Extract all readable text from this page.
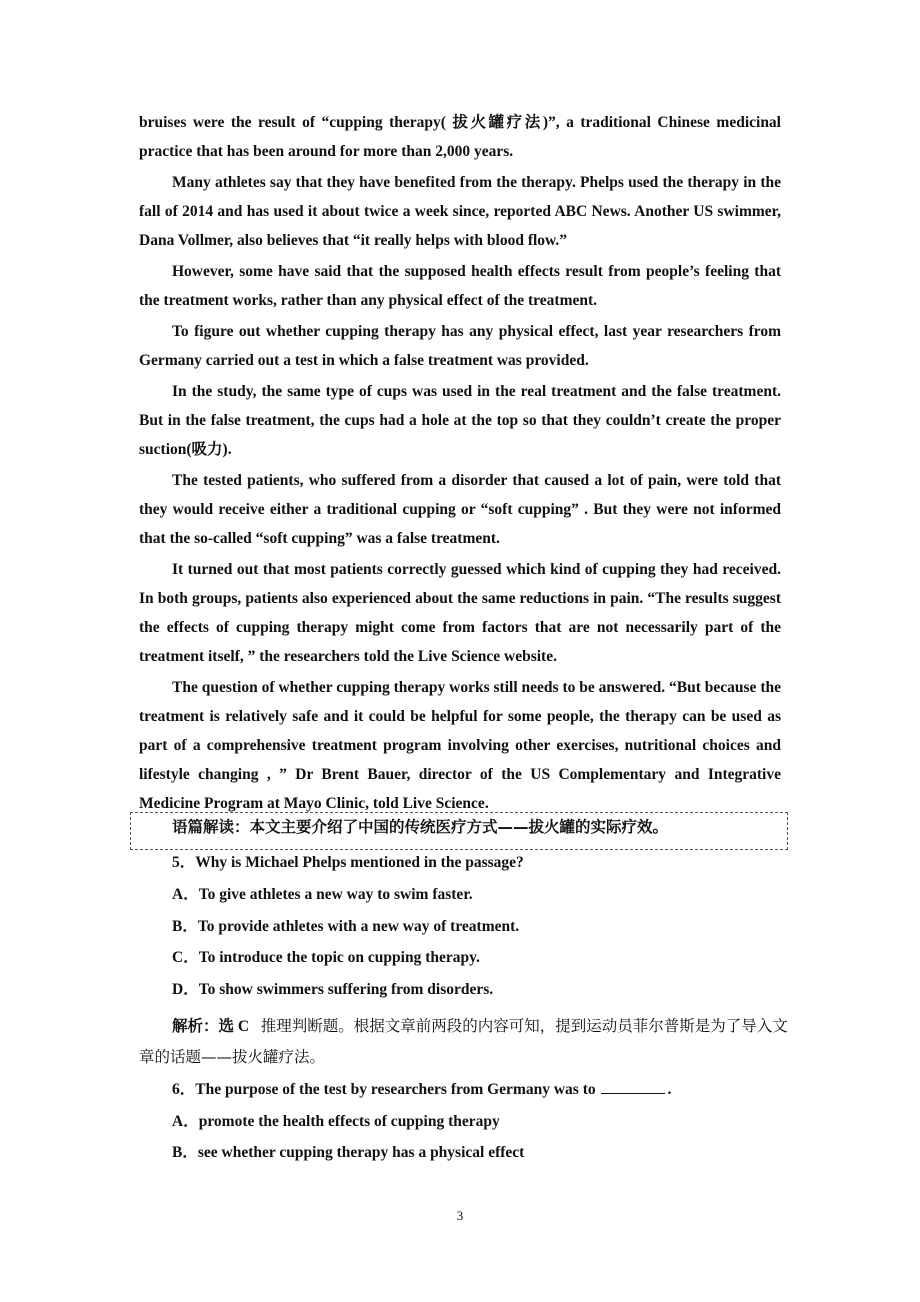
bruises were the result of “cupping therapy( 拔火罐疗法)”, a traditional Chinese medicinal practice that has been around for more than 2,000 years.

Many athletes say that they have benefited from the therapy. Phelps used the therapy in the fall of 2014 and has used it about twice a week since, reported ABC News. Another US swimmer, Dana Vollmer, also believes that “it really helps with blood flow.”

However, some have said that the supposed health effects result from people’s feeling that the treatment works, rather than any physical effect of the treatment.

To figure out whether cupping therapy has any physical effect, last year researchers from Germany carried out a test in which a false treatment was provided.

In the study, the same type of cups was used in the real treatment and the false treatment. But in the false treatment, the cups had a hole at the top so that they couldn’t create the proper suction(吸力).

The tested patients, who suffered from a disorder that caused a lot of pain, were told that they would receive either a traditional cupping or “soft cupping” . But they were not informed that the so-called “soft cupping” was a false treatment.

It turned out that most patients correctly guessed which kind of cupping they had received. In both groups, patients also experienced about the same reductions in pain. “The results suggest the effects of cupping therapy might come from factors that are not necessarily part of the treatment itself, ” the researchers told the Live Science website.

The question of whether cupping therapy works still needs to be answered. “But because the treatment is relatively safe and it could be helpful for some people, the therapy can be used as part of a comprehensive treatment program involving other exercises, nutritional choices and lifestyle changing , ” Dr Brent Bauer, director of the US Complementary and Integrative Medicine Program at Mayo Clinic, told Live Science.

语篇解读：本文主要介绍了中国的传统医疗方式——拔火罐的实际疗效。
5．Why is Michael Phelps mentioned in the passage?
A．To give athletes a new way to swim faster.
B．To provide athletes with a new way of treatment.
C．To introduce the topic on cupping therapy.
D．To show swimmers suffering from disorders.
解析：选 C 推理判断题。根据文章前两段的内容可知，提到运动员菲尔普斯是为了导入文章的话题——拔火罐疗法。
6．The purpose of the test by researchers from Germany was to	.
A．promote the health effects of cupping therapy
B．see whether cupping therapy has a physical effect
3
